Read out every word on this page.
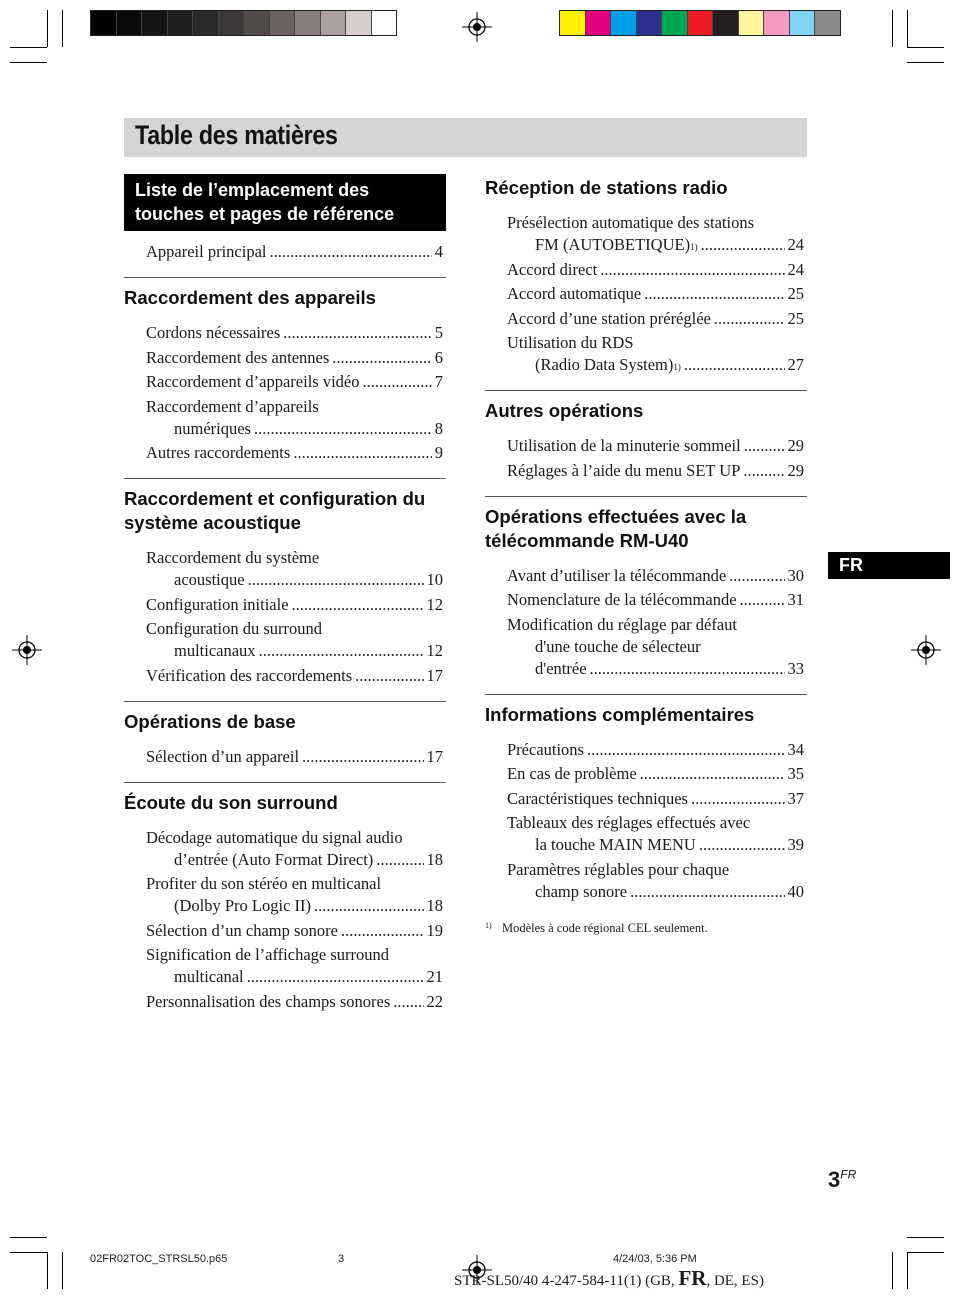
Table des matières
Liste de l’emplacement des touches et pages de référence
Appareil principal .....	4
Raccordement des appareils
Cordons nécessaires .....	5
Raccordement des antennes .....	6
Raccordement d’appareils vidéo .....	7
Raccordement d’appareils
numériques .....	8
Autres raccordements .....	9
Raccordement et configuration du système acoustique
Raccordement du système
acoustique .....	10
Configuration initiale .....	12
Configuration du surround
multicanaux .....	12
Vérification des raccordements .....	17
Opérations de base
Sélection d’un appareil .....	17
Écoute du son surround
Décodage automatique du signal audio
d’entrée (Auto Format Direct) .....	18
Profiter du son stéréo en multicanal
(Dolby Pro Logic II) .....	18
Sélection d’un champ sonore .....	19
Signification de l’affichage surround
multicanal .....	21
Personnalisation des champs sonores ..... 22
Réception de stations radio
Présélection automatique des stations
FM (AUTOBETIQUE) 1) .....	24
Accord direct .....	24
Accord automatique .....	25
Accord d’une station préréglée .....	25
Utilisation du RDS
(Radio Data System) 1) .....	27
Autres opérations
Utilisation de la minuterie sommeil .....	29
Réglages à l’aide du menu SET UP .....	29
Opérations effectuées avec la télécommande RM-U40
Avant d’utiliser la télécommande .....	30
Nomenclature de la télécommande .....	31
Modification du réglage par défaut
d'une touche de sélecteur
d'entrée .....	33
Informations complémentaires
Précautions .....	34
En cas de problème .....	35
Caractéristiques techniques .....	37
Tableaux des réglages effectués avec
la touche MAIN MENU .....	39
Paramètres réglables pour chaque
champ sonore .....	40
1) Modèles à code régional CEL seulement.
FR
$3^{FR}$
02FR02TOC_STRSL50.p65	3	4/24/03, 5:36 PM
STR-SL50/40 4-247-584-11(1) (GB, FR, DE, ES)
